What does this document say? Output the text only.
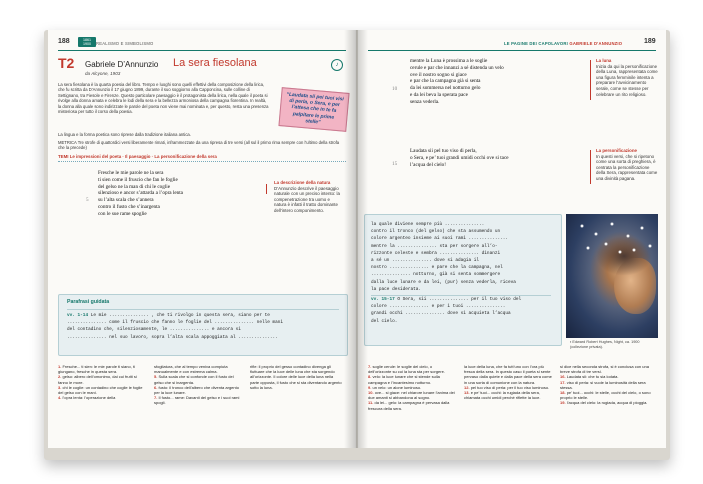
188	1861
1900	REALISMO E SIMBOLISMO
T2 Gabriele D’Annunzio La sera fiesolana	♪
da Alcyone, 1903
La sera fiesolana è la quarta poesia del libro. Tempo e luoghi sono quelli effettivi della composizione della lirica, che fu scritta da D’Annunzio il 17 giugno 1899, durante il suo soggiorno alla Capponcina, sulle colline di Settignano, tra Fiesole e Firenze. Questo particolare paesaggio è il protagonista della lirica, nella quale il poeta si rivolge alla donna amata e celebra le lodi della sera e la bellezza armoniosa della campagna fiorentina. In realtà, la donna alla quale sono indirizzate le parole del poeta non viene mai nominata e, per questo, resta una presenza misteriosa per tutto il corso della poesia.
La lingua e la forma poetica sono riprese dalla tradizione italiana antica.
“Laudata sii pei tuoi visi di perla, o Sera, e per l’attesa che in te fa palpitare le prime stelle”
METRICA Tre strofe di quattordici versi liberamente rimati, inframmezzate da una ripresa di tre versi (all sul il primo rima sempre con l’ultimo della strofa che la precede)
TEMI Le impressioni del poeta · Il paesaggio · La personificazione della sera
Fresche le mie parole ne la sera
ti sien come il fruscio che fan le foglie
del gelso ne la man di chi le coglie
silenzioso e ancor s’attarda a l’opra lenta
su l’alta scala che s’annera
contro il fusto che s’inargenta
con le sue rame spoglie
5
La descrizione della natura
D’Annunzio descrive il paesaggio naturale con un preciso intento: la compenetrazione tra uomo e natura è infatti il tratto dominante dell’intero componimento.
Parafrasi guidata
vv. 1-14 Le mie ............... , che ti rivolgo in questa sera, siano per te
............... come il fruscio che fanno le foglie del ............... nelle mani
del contadino che, silenziosamente, le ............... e ancora si
............... nel suo lavoro, sopra l’alta scala appoggiata al ...............
1. Fresche... ti sien: le mie parole ti siano, ti giungano, fresche in questa sera.
2. gelso: albero dell’omonimo, dai cui frutti si fanno le more.
3. chi le coglie: un contadino che coglie le foglie del gelso con le mani.
4. l’opra lenta: l’operazione della
sfogliatura, che al tempo veniva compiuta manualmente e con estrema calma.
5. Sulla scala che si confonde con il fusto del gelso che si inargenta.
6. fusto: il tronco dell’albero che diventa argento per la luce lunare.
7. Il fusto... rame: Davanti del gelso e i suoi rami spogli.
rifle: il proprio del gesso contadino divenga gli fluttuare che la luce delle luna che sta sorgendo all’orizzonte. Il colore delle luce della luna nella parte opposta, il fusto che si sta diventando argento sotto la luna.
LE PAGINE DEI CAPOLAVORI GABRIELE D’ANNUNZIO	189
mentre la Luna è prossima a le soglie
cerule e par che innanzi a sé distenda un velo
ove il nostro sogno si giace
e par che la campagna già si senta
da lei sommersa nel notturno gelo
e da lei beva la sperata pace
senza vederla.
10
Laudata sii pel tuo viso di perla,
o Sera, e pe’ tuoi grandi umidi occhi ove si tace
l’acqua del cielo!
15
La luna
Inizia da qui la personificazione della Luna, rappresentata come una figura femminile intenta a preparare l’avvicinamento serale, come se stesse per celebrare un rito religioso.
La personificazione
In questi versi, che si ripetono come una sorta di preghiera, è centrata la personificazione della Sera, rappresentata come una divinità pagana.
la quale diviene sempre più ...............
contro il tronco (del gelso) che sta assumendo un
colore argenteo insieme ai suoi rami ...............
mentre la ............... sta per sorgere all’o-
rizzonte celeste e sembra ............... dinanzi
a sé un ............... dove si adagia il
nostro ............... e pare che la campagna, nel
............... notturno, già si senta sommergere
dalla luce lunare e da lei, (pur) senza vederla, riceva
la pace desiderata.
vv. 15-17 O Sera, sii ............... per il tuo viso del
colore ............... e per i tuoi ...............
grandi occhi ............... dove si acquieta l’acqua
del cielo.
▪ Edward Robert Hughes, Night, ca. 1900 (collezione privata).
7. soglie cerule: le soglie del cielo, o dell’orizzonte su cui la luna sta per sorgere.
8. velo: la luce lunare che si stende sulla campagna e l’incantesimo notturno.
9. un velo: un alone luminoso.
10. ove... si giace: nel chiarore lunare l’anima dei due amanti si abbandona al sogno.
11. da lei... gelo: la campagna è pervasa dalla frescura della sera.
la luce della luna, che fa tutt’uno con l’ora più fresca della sera. In questo caso il poeta si sente pervaso dalla quiete e dalla pace della sera come in una sorta di comunione con la natura.
12. pel tuo viso di perla: per il tuo viso luminoso.
13. e pe’ tuoi... occhi: la rugiada della sera, chiamata occhi umidi perché riflette la luce.
si dice nella seconda strofa, si è conclusa con una breve strofa di tre versi.
16. Laudata sii: che tu sia lodata.
17. viso di perla: si vuole la luminosità della sera stessa.
18. pe’ tuoi... occhi: le stelle, occhi del cielo, o sono proprio le stelle.
19. l’acqua del cielo: la rugiada, acqua di pioggia.
